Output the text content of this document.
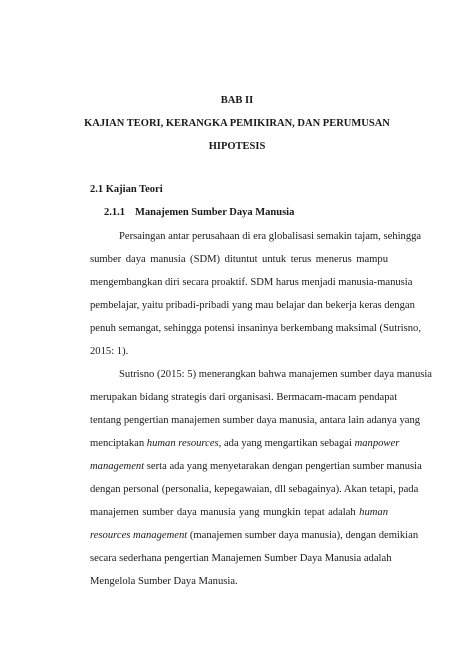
BAB II
KAJIAN TEORI, KERANGKA PEMIKIRAN, DAN PERUMUSAN
HIPOTESIS
2.1 Kajian Teori
2.1.1 Manajemen Sumber Daya Manusia
Persaingan antar perusahaan di era globalisasi semakin tajam, sehingga
sumber daya manusia (SDM) dituntut untuk terus menerus mampu
mengembangkan diri secara proaktif. SDM harus menjadi manusia-manusia
pembelajar, yaitu pribadi-pribadi yang mau belajar dan bekerja keras dengan
penuh semangat, sehingga potensi insaninya berkembang maksimal (Sutrisno,
2015: 1).
Sutrisno (2015: 5) menerangkan bahwa manajemen sumber daya manusia
merupakan bidang strategis dari organisasi. Bermacam-macam pendapat
tentang pengertian manajemen sumber daya manusia, antara lain adanya yang
menciptakan human resources, ada yang mengartikan sebagai manpower
management serta ada yang menyetarakan dengan pengertian sumber manusia
dengan personal (personalia, kepegawaian, dll sebagainya). Akan tetapi, pada
manajemen sumber daya manusia yang mungkin tepat adalah human
resources management (manajemen sumber daya manusia), dengan demikian
secara sederhana pengertian Manajemen Sumber Daya Manusia adalah
Mengelola Sumber Daya Manusia.
